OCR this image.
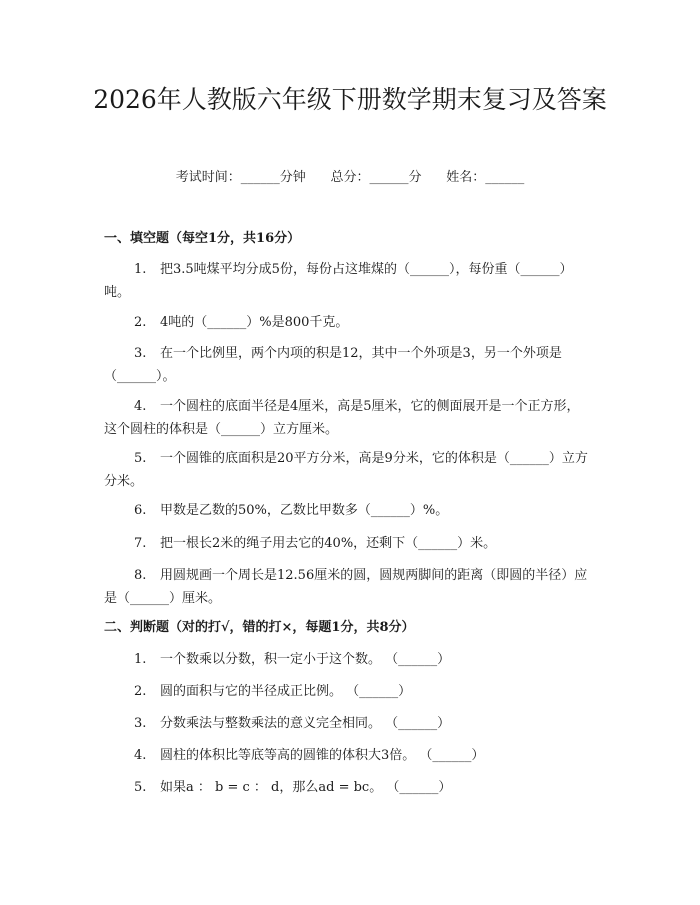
2026年人教版六年级下册数学期末复习及答案
考试时间：______分钟      总分：______分      姓名：______
一、填空题（每空1分，共16分）

1. 把3.5吨煤平均分成5份，每份占这堆煤的（______），每份重（______）吨。

2. 4吨的（______）%是800千克。

3. 在一个比例里，两个内项的积是12，其中一个外项是3，另一个外项是（______）。

4. 一个圆柱的底面半径是4厘米，高是5厘米，它的侧面展开是一个正方形，这个圆柱的体积是（______）立方厘米。

5. 一个圆锥的底面积是20平方分米，高是9分米，它的体积是（______）立方分米。

6. 甲数是乙数的50%，乙数比甲数多（______）%。

7. 把一根长2米的绳子用去它的40%，还剩下（______）米。

8. 用圆规画一个周长是12.56厘米的圆，圆规两脚间的距离（即圆的半径）应是（______）厘米。

二、判断题（对的打√，错的打×，每题1分，共8分）

1. 一个数乘以分数，积一定小于这个数。 （______）

2. 圆的面积与它的半径成正比例。 （______）

3. 分数乘法与整数乘法的意义完全相同。 （______）

4. 圆柱的体积比等底等高的圆锥的体积大3倍。 （______）

5. 如果a ： b = c ： d，那么ad = bc。 （______）
